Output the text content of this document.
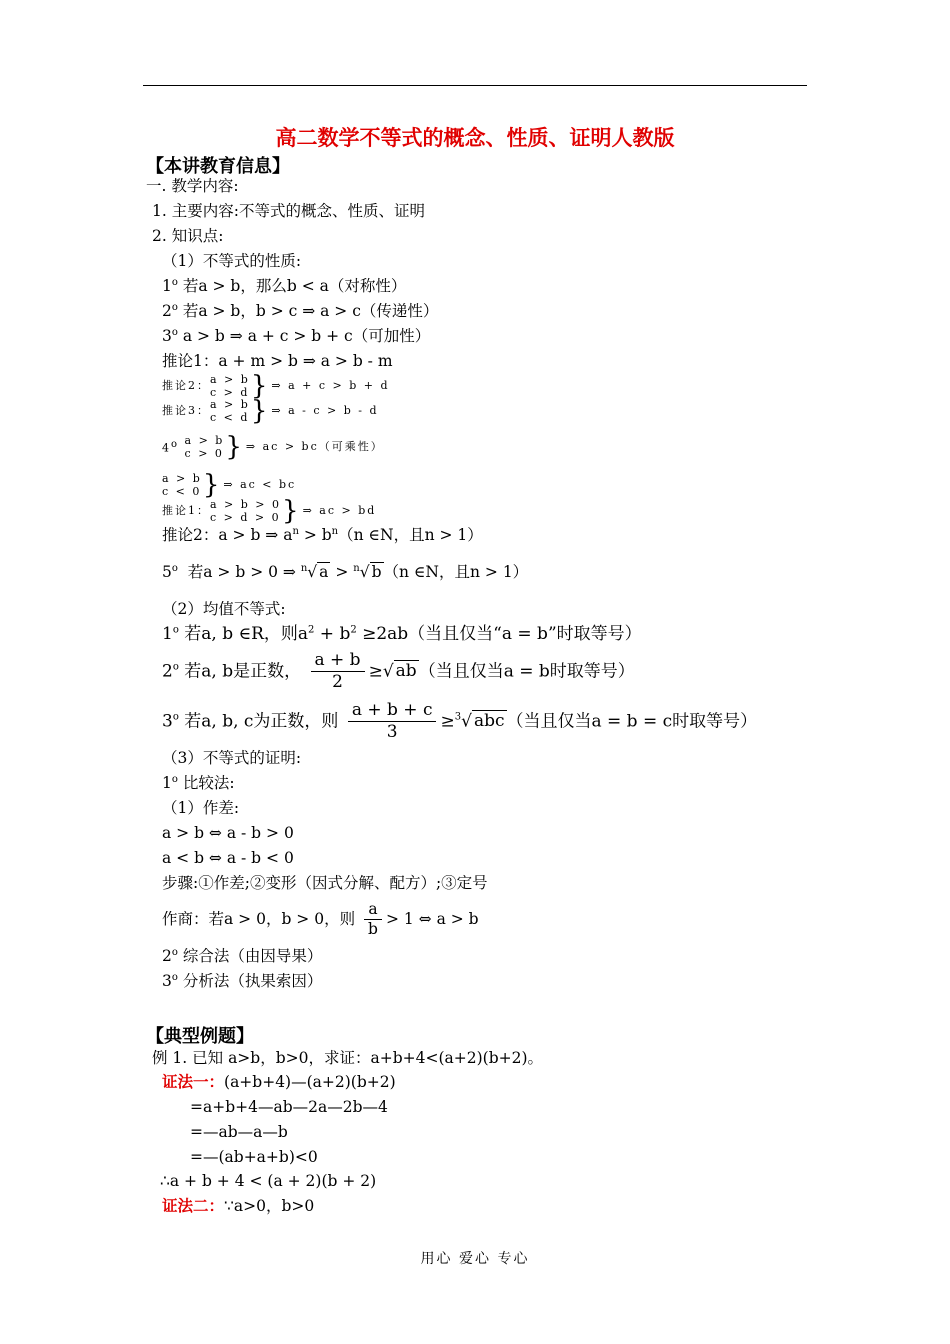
高二数学不等式的概念、性质、证明人教版
【本讲教育信息】
一. 教学内容:
1. 主要内容:不等式的概念、性质、证明
2. 知识点:
（1）不等式的性质:
1$^o$ 若a > b，那么b < a（对称性）
2$^o$ 若a > b，b > c ⇒ a > c（传递性）
3$^o$ a > b ⇒ a + c > b + c（可加性）
推论1：a + m > b ⇒ a > b - m
推论2： a > b
c > d } ⇒ a + c > b + d
推论3： a > b
c < d } ⇒ a - c > b - d
4o a > b
c > 0 } ⇒ ac > bc（可乘性）
a > b
c < 0 } ⇒ ac < bc
推论1： a > b > 0
c > d > 0 } ⇒ ac > bd
推论2：a > b ⇒ $a^n > b^n(n$ ∈N，且n > 1）
5$^o$ 若a > b > 0 ⇒ $^n$√ a > $^n$√ b （n ∈N，且n > 1）
（2）均值不等式:
1$^o$ 若a, b ∈R，则$a^2 + b^2 \ge 2ab$（当且仅当“a = b”时取等号）
2$^o$ 若a, b是正数， $\frac{a + b}{2}$ ≥√ ab （当且仅当a = b时取等号）
3$^o$ 若a, b, c为正数，则 $\frac{a + b + c}{3} \ge^3√$ abc （当且仅当a = b = c时取等号）
（3）不等式的证明:
1$^o$ 比较法:
（1）作差:
a > b ⇔ a - b > 0
a < b ⇔ a - b < 0
步骤:①作差;②变形（因式分解、配方）;③定号
作商：若a > 0，b > 0，则 $\frac{a}{b} > 1$ ⇔ a > b
2$^o$ 综合法（由因导果）
3$^o$ 分析法（执果索因）
【典型例题】
例 1. 已知 a>b，b>0，求证：a+b+4<(a+2)(b+2)。
证法一：(a+b+4)—(a+2)(b+2)
=a+b+4—ab—2a—2b—4
=—ab—a—b
=—(ab+a+b)<0
∴a + b + 4 < (a + 2)(b + 2)
证法二：∵a>0，b>0
用心 爱心 专心
